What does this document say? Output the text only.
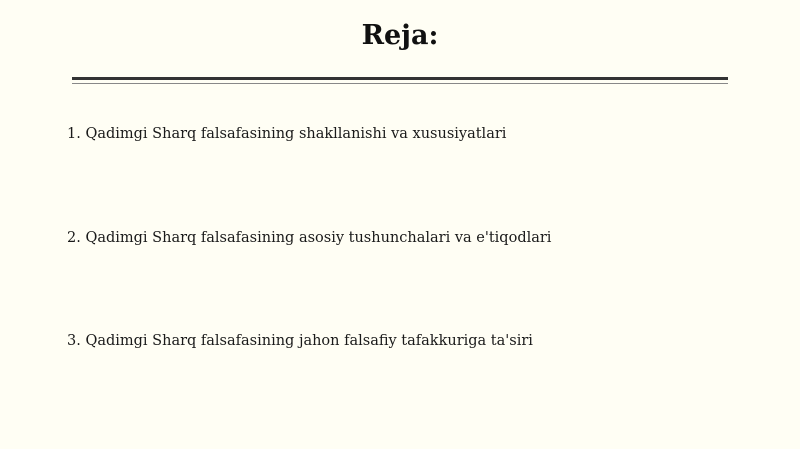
Reja:
1. Qadimgi Sharq falsafasining shakllanishi va xususiyatlari
2. Qadimgi Sharq falsafasining asosiy tushunchalari va e'tiqodlari
3. Qadimgi Sharq falsafasining jahon falsafiy tafakkuriga ta'siri
